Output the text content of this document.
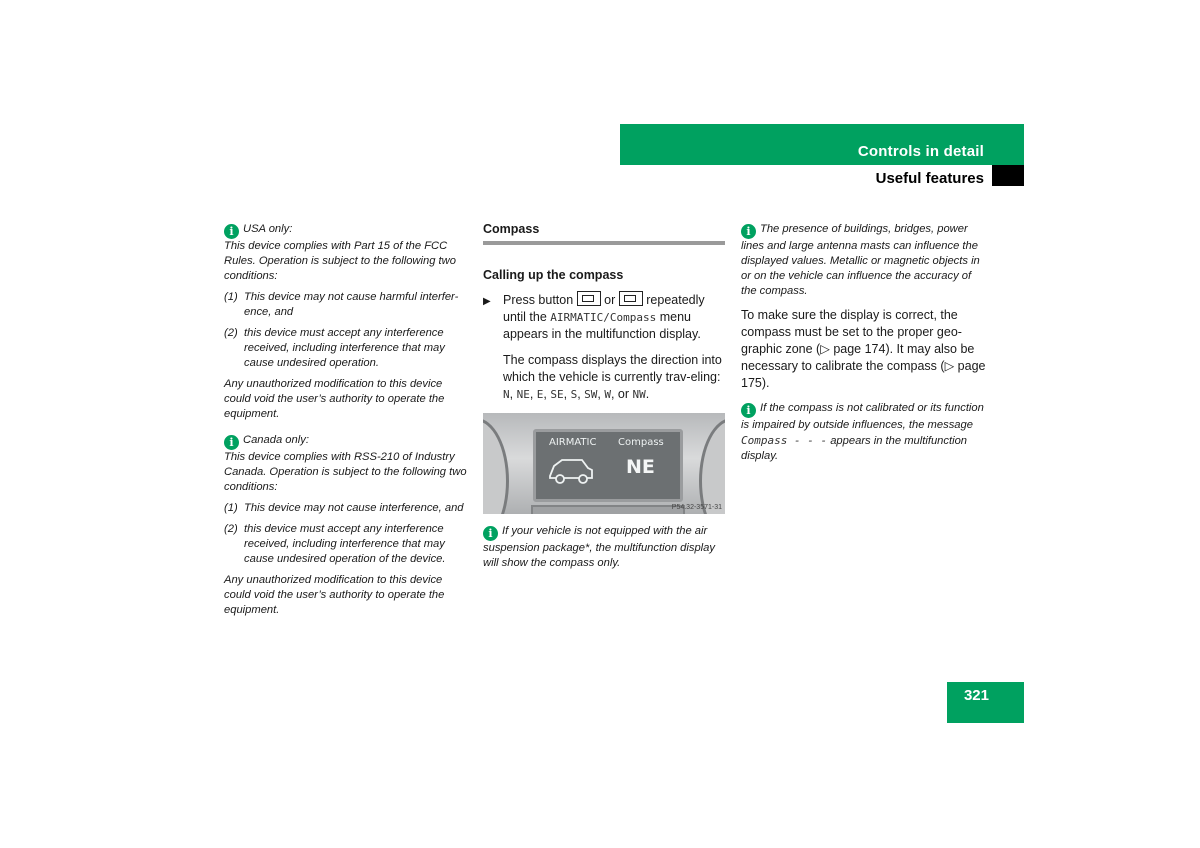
Controls in detail
Useful features

i USA only:

This device complies with Part 15 of the FCC Rules. Operation is subject to the following two conditions:

(1) This device may not cause harmful interfer-ence, and
(2) this device must accept any interference received, including interference that may cause undesired operation.

Any unauthorized modification to this device could void the user’s authority to operate the equipment.

i Canada only:

This device complies with RSS-210 of Industry Canada. Operation is subject to the following two conditions:

(1) This device may not cause interference, and
(2) this device must accept any interference received, including interference that may cause undesired operation of the device.

Any unauthorized modification to this device could void the user’s authority to operate the equipment.

Compass
Calling up the compass
▶ Press button or repeatedly until the AIRMATIC/Compass menu appears in the multifunction display.
The compass displays the direction into which the vehicle is currently trav-eling: N, NE, E, SE, S, SW, W, or NW.
AIRMATIC Compass
NE
P54.32-3571-31
i If your vehicle is not equipped with the air suspension package*, the multifunction display will show the compass only.
i The presence of buildings, bridges, power lines and large antenna masts can influence the displayed values. Metallic or magnetic objects in or on the vehicle can influence the accuracy of the compass.
To make sure the display is correct, the compass must be set to the proper geo-graphic zone (▷ page 174). It may also be necessary to calibrate the compass (▷ page 175).
i If the compass is not calibrated or its function is impaired by outside influences, the message Compass - - - appears in the multifunction display.
321
